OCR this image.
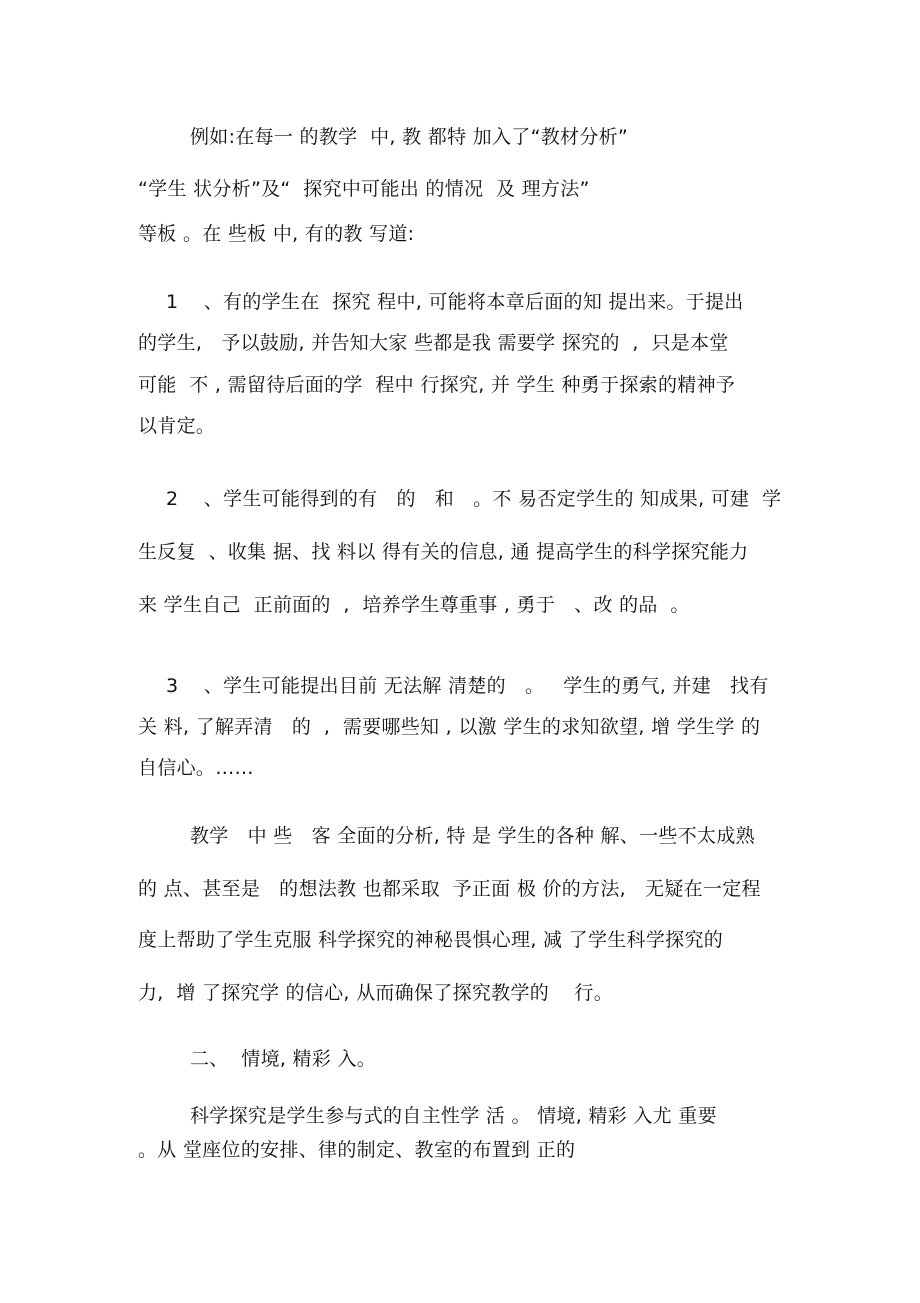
例如:在每一 的教学  中, 教 都特 加入了“教材分析”
“学生 状分析”及“  探究中可能出 的情况  及 理方法”
等板 。在 些板 中, 有的教 写道:
1    、有的学生在  探究 程中, 可能将本章后面的知 提出来。于提出
的学生,   予以鼓励, 并告知大家 些都是我 需要学 探究的  ,  只是本堂
可能  不 , 需留待后面的学  程中 行探究, 并 学生 种勇于探索的精神予
以肯定。
2    、学生可能得到的有   的   和   。不 易否定学生的 知成果, 可建  学
生反复  、收集 据、找 料以 得有关的信息, 通 提高学生的科学探究能力
来 学生自己  正前面的  ,  培养学生尊重事 , 勇于   、改 的品  。
3    、学生可能提出目前 无法解 清楚的   。   学生的勇气, 并建   找有
关 料, 了解弄清   的  ,  需要哪些知 , 以激 学生的求知欲望, 增 学生学 的
自信心。……
教学   中 些   客 全面的分析, 特 是 学生的各种 解、一些不太成熟
的 点、甚至是   的想法教 也都采取  予正面 极 价的方法,   无疑在一定程
度上帮助了学生克服 科学探究的神秘畏惧心理, 减 了学生科学探究的
力,  增 了探究学 的信心, 从而确保了探究教学的    行。
二、  情境, 精彩 入。
科学探究是学生参与式的自主性学 活 。 情境, 精彩 入尤 重要
。从 堂座位的安排、律的制定、教室的布置到 正的
